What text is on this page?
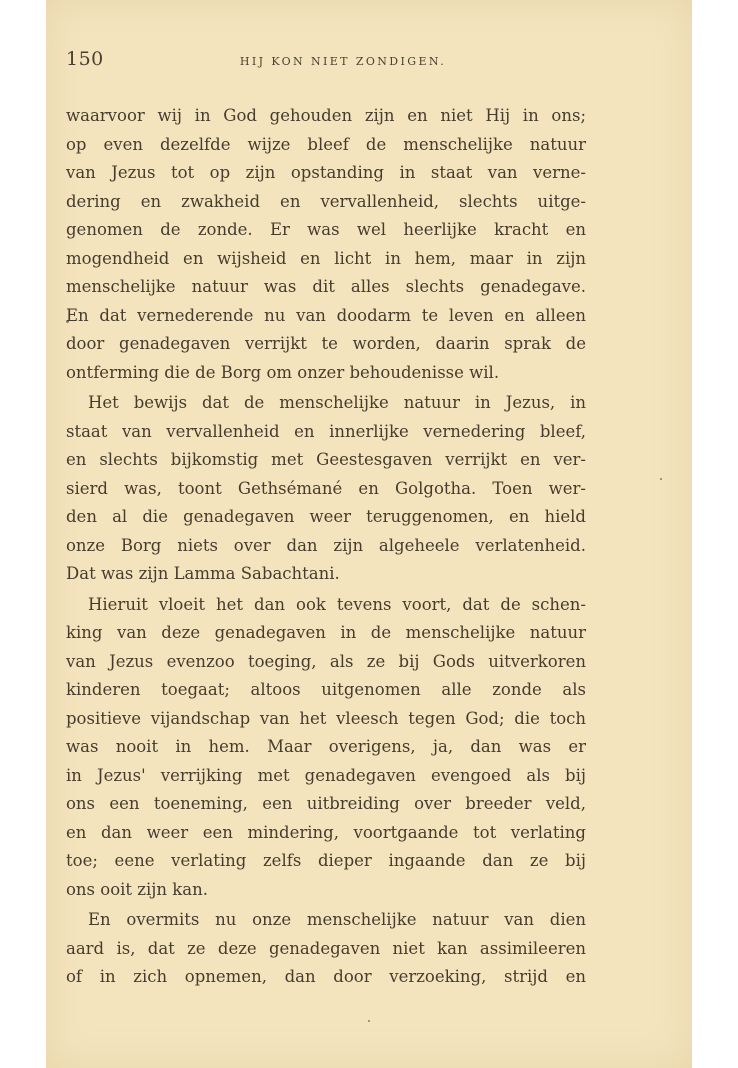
150	HIJ KON NIET ZONDIGEN.
waarvoor wij in God gehouden zijn en niet Hij in ons;
op even dezelfde wijze bleef de menschelijke natuur
van Jezus tot op zijn opstanding in staat van verne-
dering en zwakheid en vervallenheid, slechts uitge-
genomen de zonde. Er was wel heerlijke kracht en
mogendheid en wijsheid en licht in hem, maar in zijn
menschelijke natuur was dit alles slechts genadegave.
En dat vernederende nu van doodarm te leven en alleen
door genadegaven verrijkt te worden, daarin sprak de
ontferming die de Borg om onzer behoudenisse wil.
Het bewijs dat de menschelijke natuur in Jezus, in
staat van vervallenheid en innerlijke vernedering bleef,
en slechts bijkomstig met Geestesgaven verrijkt en ver-
sierd was, toont Gethsémané en Golgotha. Toen wer-
den al die genadegaven weer teruggenomen, en hield
onze Borg niets over dan zijn algeheele verlatenheid.
Dat was zijn Lamma Sabachtani.
Hieruit vloeit het dan ook tevens voort, dat de schen-
king van deze genadegaven in de menschelijke natuur
van Jezus evenzoo toeging, als ze bij Gods uitverkoren
kinderen toegaat; altoos uitgenomen alle zonde als
positieve vijandschap van het vleesch tegen God; die toch
was nooit in hem. Maar overigens, ja, dan was er
in Jezus' verrijking met genadegaven evengoed als bij
ons een toeneming, een uitbreiding over breeder veld,
en dan weer een mindering, voortgaande tot verlating
toe; eene verlating zelfs dieper ingaande dan ze bij
ons ooit zijn kan.
En overmits nu onze menschelijke natuur van dien
aard is, dat ze deze genadegaven niet kan assimileeren
of in zich opnemen, dan door verzoeking, strijd en
